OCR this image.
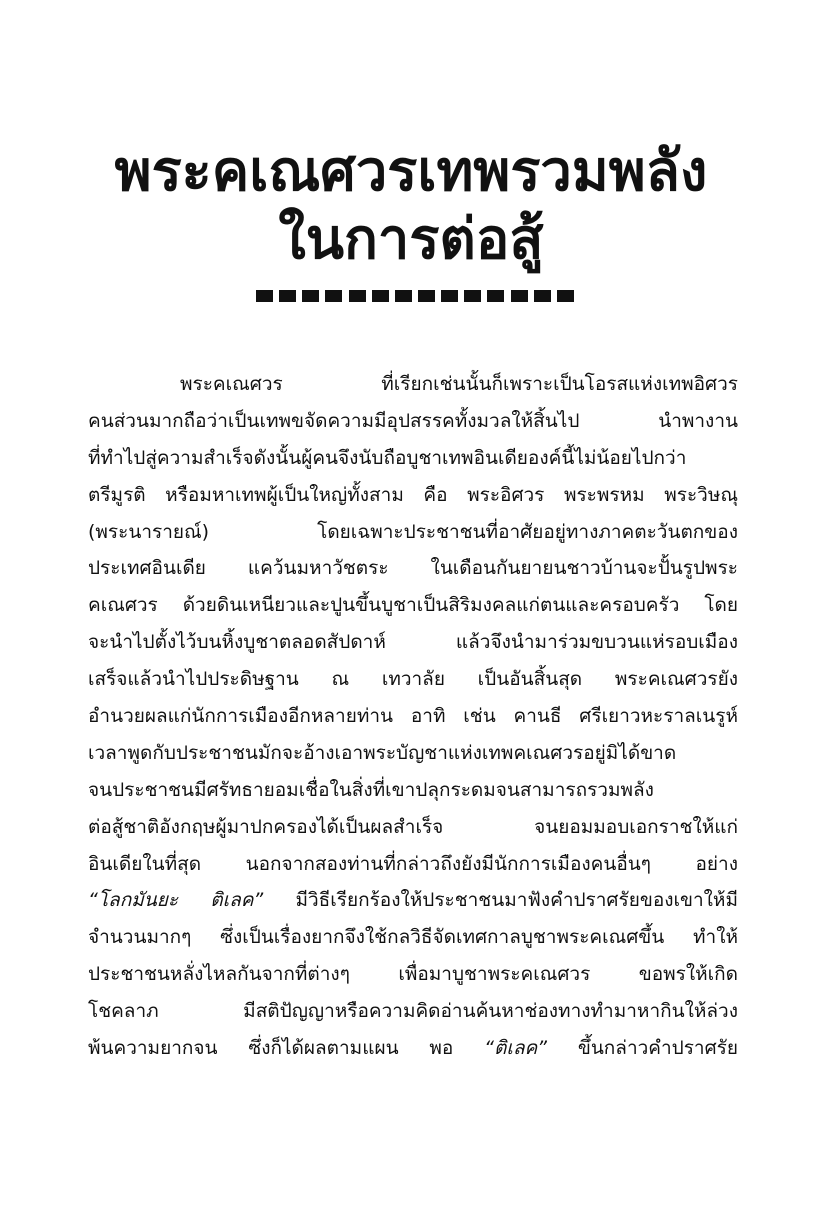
พระคเณศวรเทพรวมพลัง
ในการต่อสู้
พระคเณศวร ที่เรียกเช่นนั้นก็เพราะเป็นโอรสแห่งเทพอิศวร
คนส่วนมากถือว่าเป็นเทพขจัดความมีอุปสรรคทั้งมวลให้สิ้นไป นำพางาน
ที่ทำไปสู่ความสำเร็จดังนั้นผู้คนจึงนับถือบูชาเทพอินเดียองค์นี้ไม่น้อยไปกว่า
ตรีมูรติ หรือมหาเทพผู้เป็นใหญ่ทั้งสาม คือ พระอิศวร พระพรหม พระวิษณุ
(พระนารายณ์) โดยเฉพาะประชาชนที่อาศัยอยู่ทางภาคตะวันตกของ
ประเทศอินเดีย แคว้นมหาวัชตระ ในเดือนกันยายนชาวบ้านจะปั้นรูปพระ
คเณศวร ด้วยดินเหนียวและปูนขึ้นบูชาเป็นสิริมงคลแก่ตนและครอบครัว โดย
จะนำไปตั้งไว้บนหิ้งบูชาตลอดสัปดาห์ แล้วจึงนำมาร่วมขบวนแห่รอบเมือง
เสร็จแล้วนำไปประดิษฐาน ณ เทวาลัย เป็นอันสิ้นสุด พระคเณศวรยัง
อำนวยผลแก่นักการเมืองอีกหลายท่าน อาทิ เช่น คานธี ศรีเยาวหะราลเนรูห์
เวลาพูดกับประชาชนมักจะอ้างเอาพระบัญชาแห่งเทพคเณศวรอยู่มิได้ขาด
จนประชาชนมีศรัทธายอมเชื่อในสิ่งที่เขาปลุกระดมจนสามารถรวมพลัง
ต่อสู้ชาติอังกฤษผู้มาปกครองได้เป็นผลสำเร็จ จนยอมมอบเอกราชให้แก่
อินเดียในที่สุด นอกจากสองท่านที่กล่าวถึงยังมีนักการเมืองคนอื่นๆ อย่าง
“โลกมันยะ ติเลค” มีวิธีเรียกร้องให้ประชาชนมาฟังคำปราศรัยของเขาให้มี
จำนวนมากๆ ซึ่งเป็นเรื่องยากจึงใช้กลวิธีจัดเทศกาลบูชาพระคเณศขึ้น ทำให้
ประชาชนหลั่งไหลกันจากที่ต่างๆ เพื่อมาบูชาพระคเณศวร ขอพรให้เกิด
โชคลาภ มีสติปัญญาหรือความคิดอ่านค้นหาช่องทางทำมาหากินให้ล่วง
พ้นความยากจน ซึ่งก็ได้ผลตามแผน พอ “ติเลค” ขึ้นกล่าวคำปราศรัย
